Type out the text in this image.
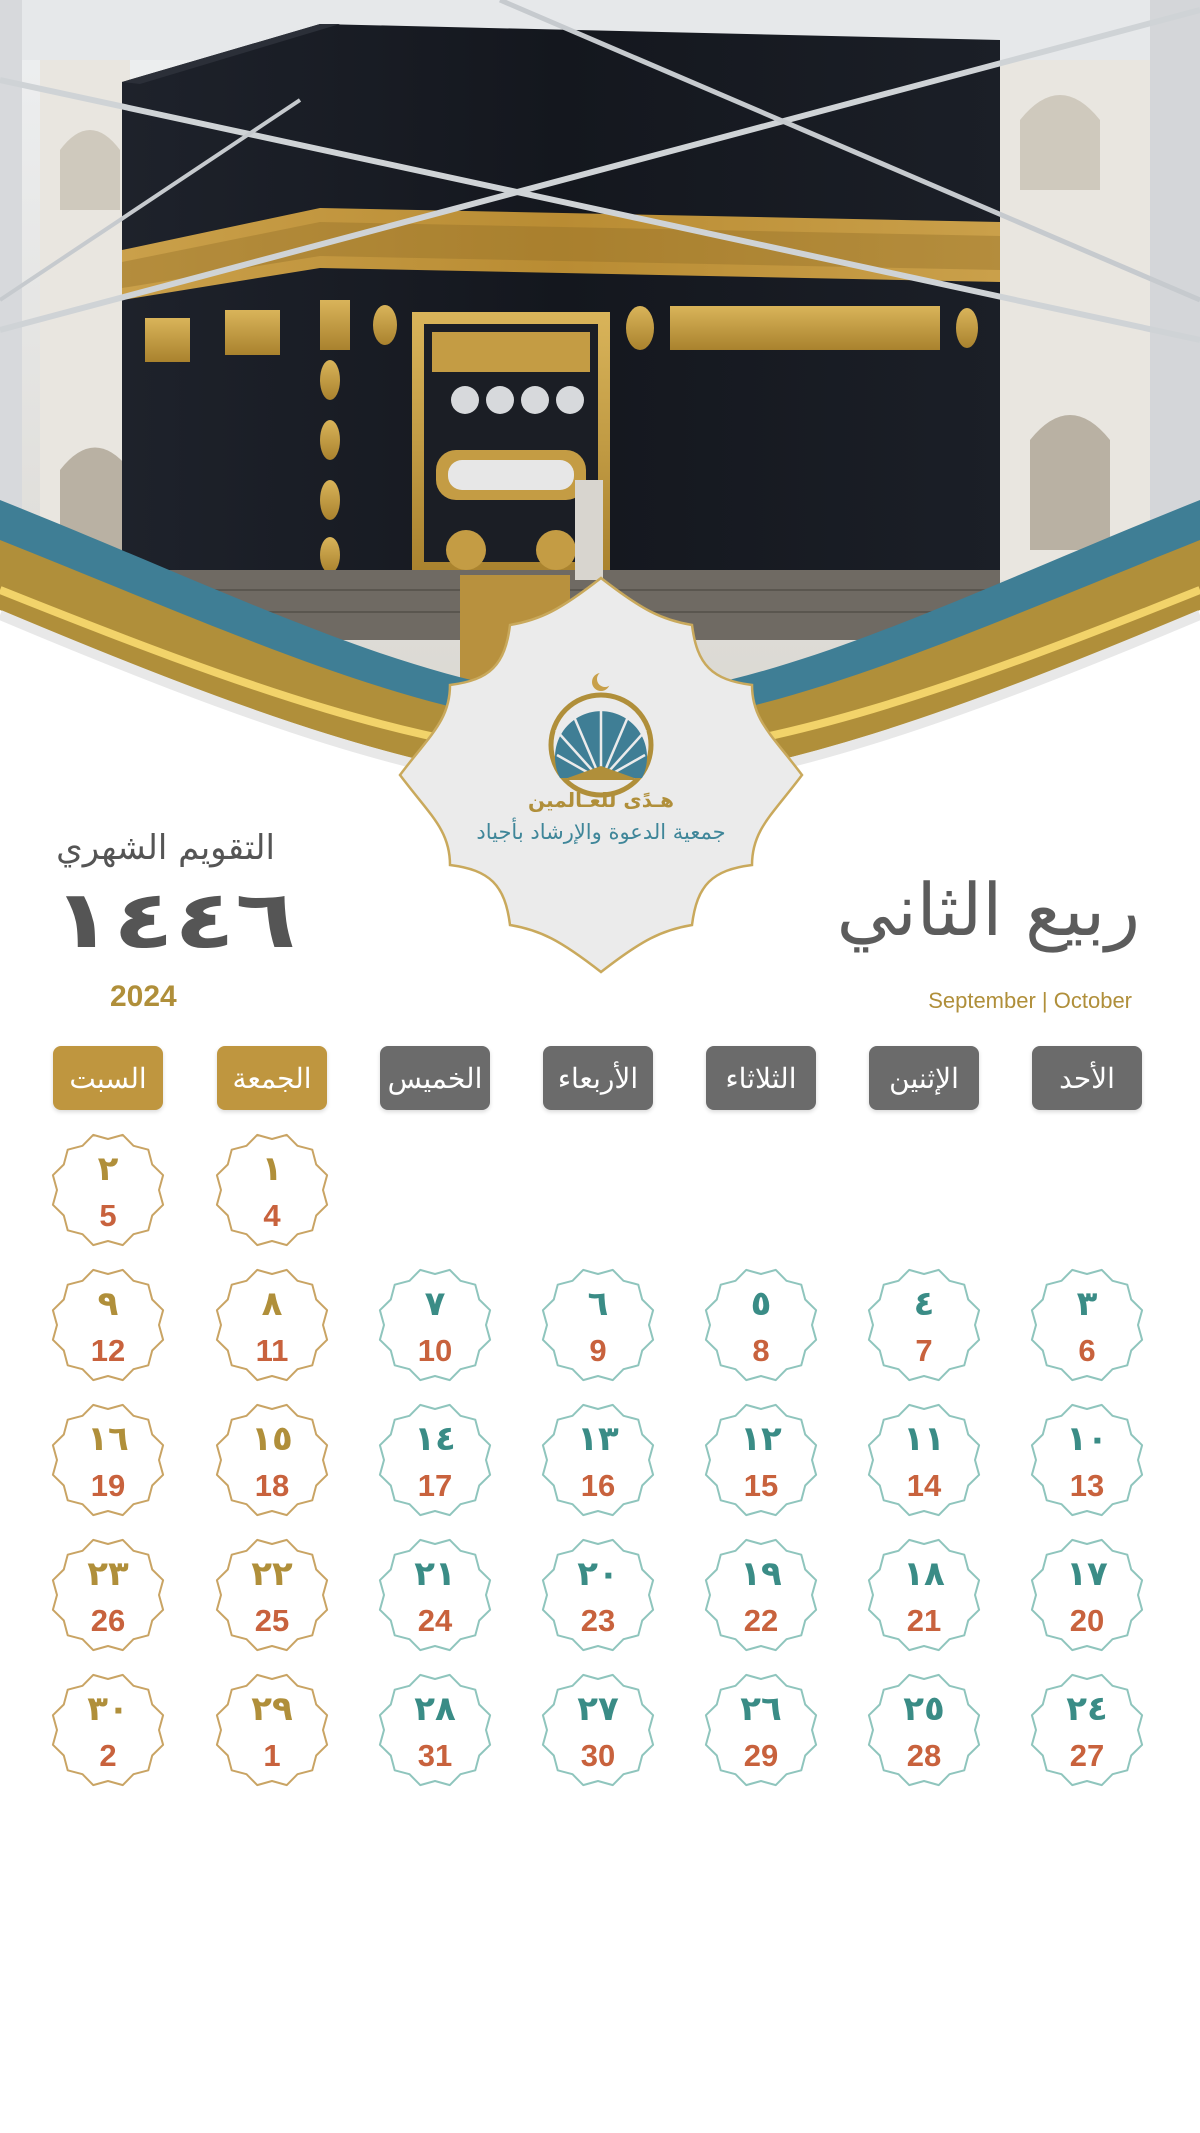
هـدًى للعـالمين
جمعية الدعوة والإرشاد بأجياد
التقويم الشهري
١٤٤٦
2024
ربيع الثاني
September | October
الأحد
الإثنين
الثلاثاء
الأربعاء
الخميس
الجمعة
السبت
١
4
٢
5
٣
6
٤
7
٥
8
٦
9
٧
10
٨
11
٩
12
١٠
13
١١
14
١٢
15
١٣
16
١٤
17
١٥
18
١٦
19
١٧
20
١٨
21
١٩
22
٢٠
23
٢١
24
٢٢
25
٢٣
26
٢٤
27
٢٥
28
٢٦
29
٢٧
30
٢٨
31
٢٩
1
٣٠
2
